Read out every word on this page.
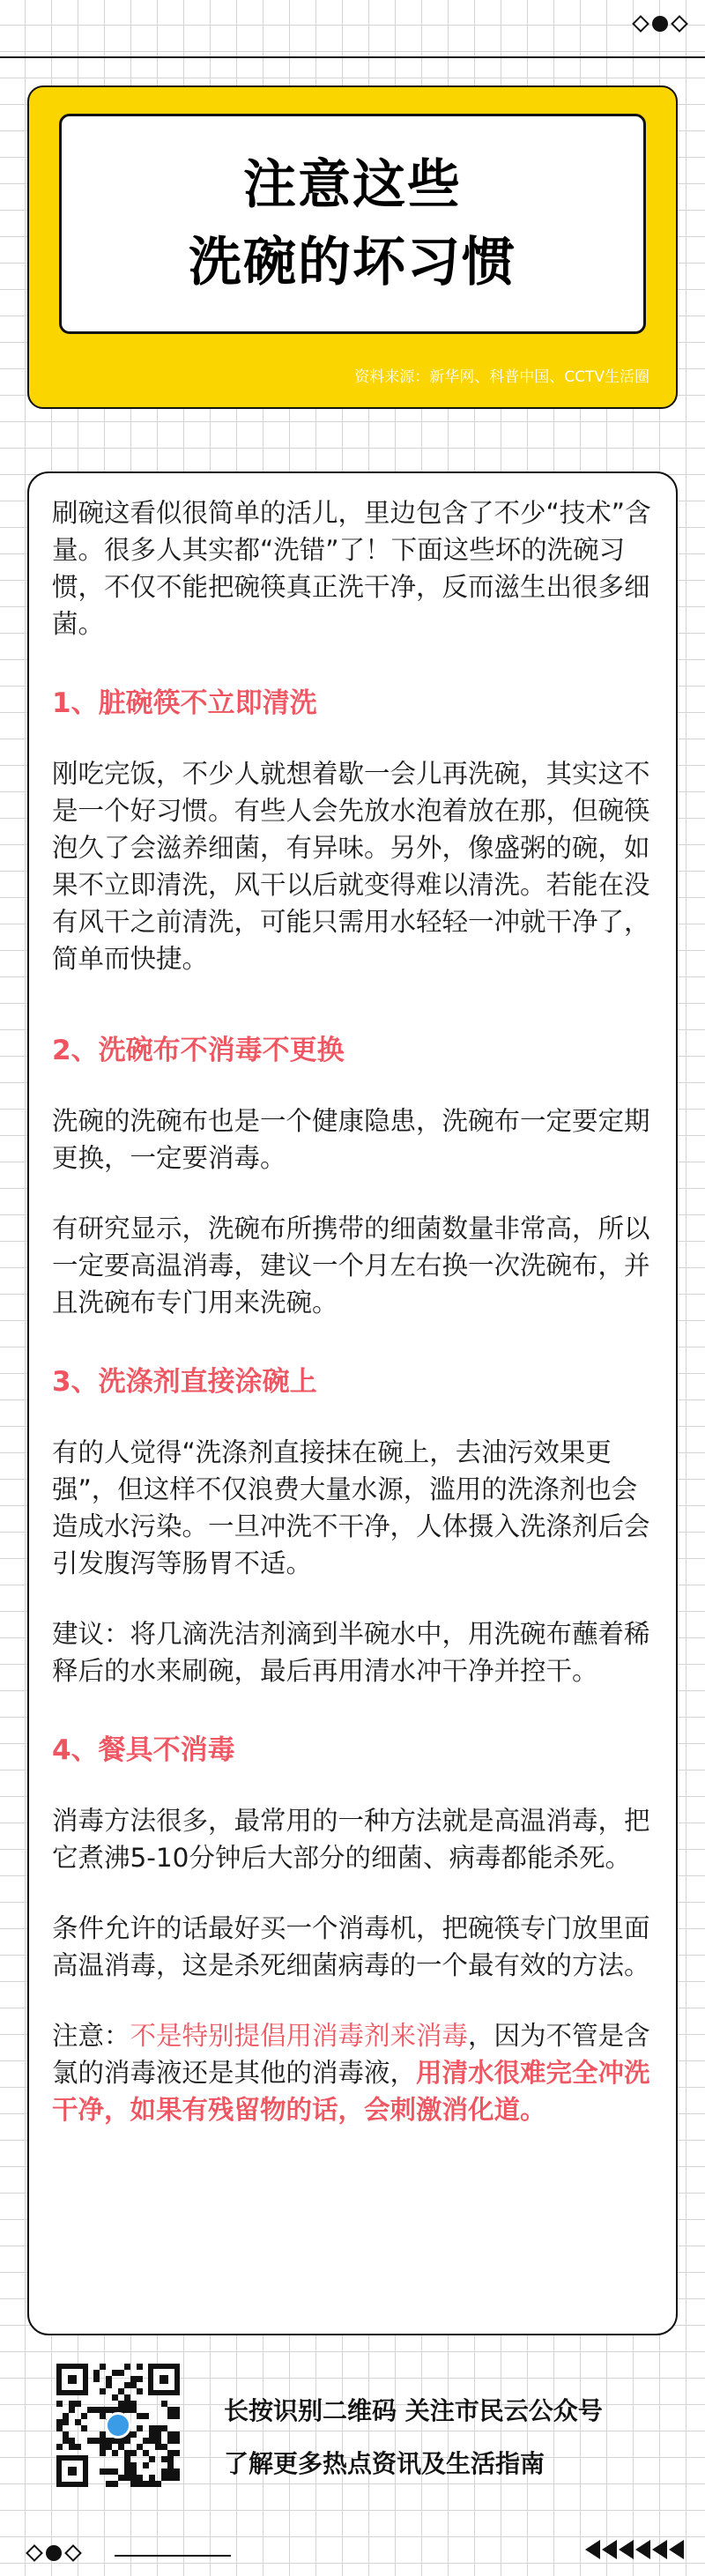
注意这些
洗碗的坏习惯
资料来源：新华网、科普中国、CCTV生活圈

刷碗这看似很简单的活儿，里边包含了不少“技术”含量。很多人其实都“洗错”了！下面这些坏的洗碗习惯，不仅不能把碗筷真正洗干净，反而滋生出很多细菌。

1、脏碗筷不立即清洗

刚吃完饭，不少人就想着歇一会儿再洗碗，其实这不是一个好习惯。有些人会先放水泡着放在那，但碗筷泡久了会滋养细菌，有异味。另外，像盛粥的碗，如果不立即清洗，风干以后就变得难以清洗。若能在没有风干之前清洗，可能只需用水轻轻一冲就干净了，简单而快捷。

2、洗碗布不消毒不更换

洗碗的洗碗布也是一个健康隐患，洗碗布一定要定期更换，一定要消毒。

有研究显示，洗碗布所携带的细菌数量非常高，所以一定要高温消毒，建议一个月左右换一次洗碗布，并且洗碗布专门用来洗碗。

3、洗涤剂直接涂碗上

有的人觉得“洗涤剂直接抹在碗上，去油污效果更强”，但这样不仅浪费大量水源，滥用的洗涤剂也会造成水污染。一旦冲洗不干净，人体摄入洗涤剂后会引发腹泻等肠胃不适。

建议：将几滴洗洁剂滴到半碗水中，用洗碗布蘸着稀释后的水来刷碗，最后再用清水冲干净并控干。

4、餐具不消毒

消毒方法很多，最常用的一种方法就是高温消毒，把它煮沸5-10分钟后大部分的细菌、病毒都能杀死。

条件允许的话最好买一个消毒机，把碗筷专门放里面高温消毒，这是杀死细菌病毒的一个最有效的方法。

注意：不是特别提倡用消毒剂来消毒，因为不管是含氯的消毒液还是其他的消毒液，用清水很难完全冲洗干净，如果有残留物的话，会刺激消化道。

长按识别二维码 关注市民云公众号
了解更多热点资讯及生活指南
